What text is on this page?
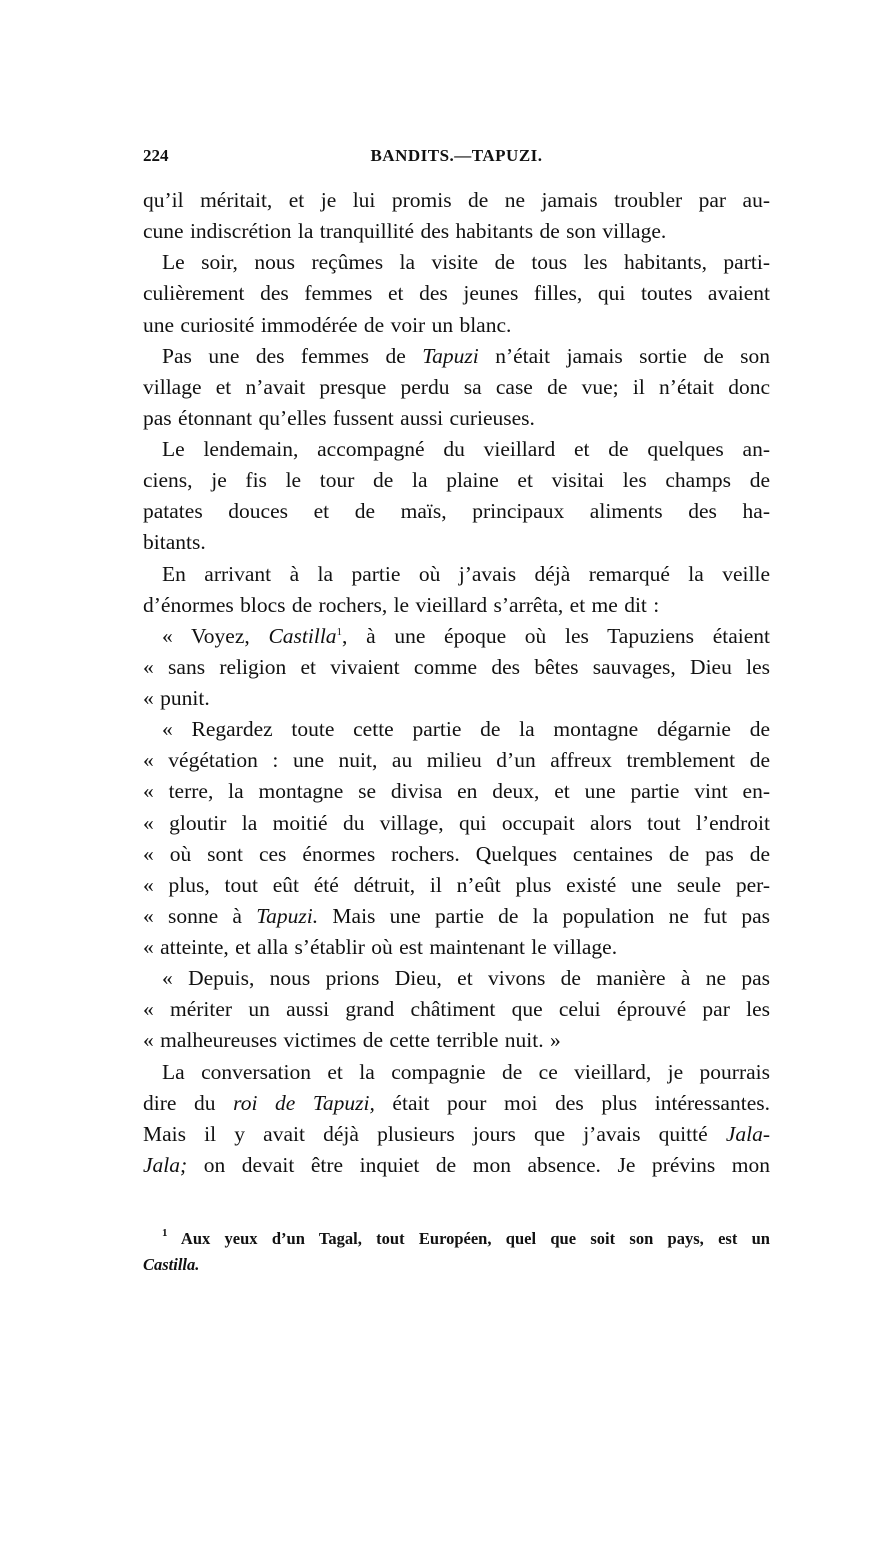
224	BANDITS.—TAPUZI.
qu’il méritait, et je lui promis de ne jamais troubler par au-
cune indiscrétion la tranquillité des habitants de son village.
Le soir, nous reçûmes la visite de tous les habitants, parti-
culièrement des femmes et des jeunes filles, qui toutes avaient
une curiosité immodérée de voir un blanc.
Pas une des femmes de Tapuzi n’était jamais sortie de son
village et n’avait presque perdu sa case de vue; il n’était donc
pas étonnant qu’elles fussent aussi curieuses.
Le lendemain, accompagné du vieillard et de quelques an-
ciens, je fis le tour de la plaine et visitai les champs de
patates douces et de maïs, principaux aliments des ha-
bitants.
En arrivant à la partie où j’avais déjà remarqué la veille
d’énormes blocs de rochers, le vieillard s’arrêta, et me dit :
« Voyez, Castilla$^1$, à une époque où les Tapuziens étaient
« sans religion et vivaient comme des bêtes sauvages, Dieu les
« punit.
« Regardez toute cette partie de la montagne dégarnie de
« végétation : une nuit, au milieu d’un affreux tremblement de
« terre, la montagne se divisa en deux, et une partie vint en-
« gloutir la moitié du village, qui occupait alors tout l’endroit
« où sont ces énormes rochers. Quelques centaines de pas de
« plus, tout eût été détruit, il n’eût plus existé une seule per-
« sonne à Tapuzi. Mais une partie de la population ne fut pas
« atteinte, et alla s’établir où est maintenant le village.
« Depuis, nous prions Dieu, et vivons de manière à ne pas
« mériter un aussi grand châtiment que celui éprouvé par les
« malheureuses victimes de cette terrible nuit. »
La conversation et la compagnie de ce vieillard, je pourrais
dire du roi de Tapuzi, était pour moi des plus intéressantes.
Mais il y avait déjà plusieurs jours que j’avais quitté Jala-
Jala; on devait être inquiet de mon absence. Je prévins mon
$^1$ Aux yeux d’un Tagal, tout Européen, quel que soit son pays, est un
Castilla.
